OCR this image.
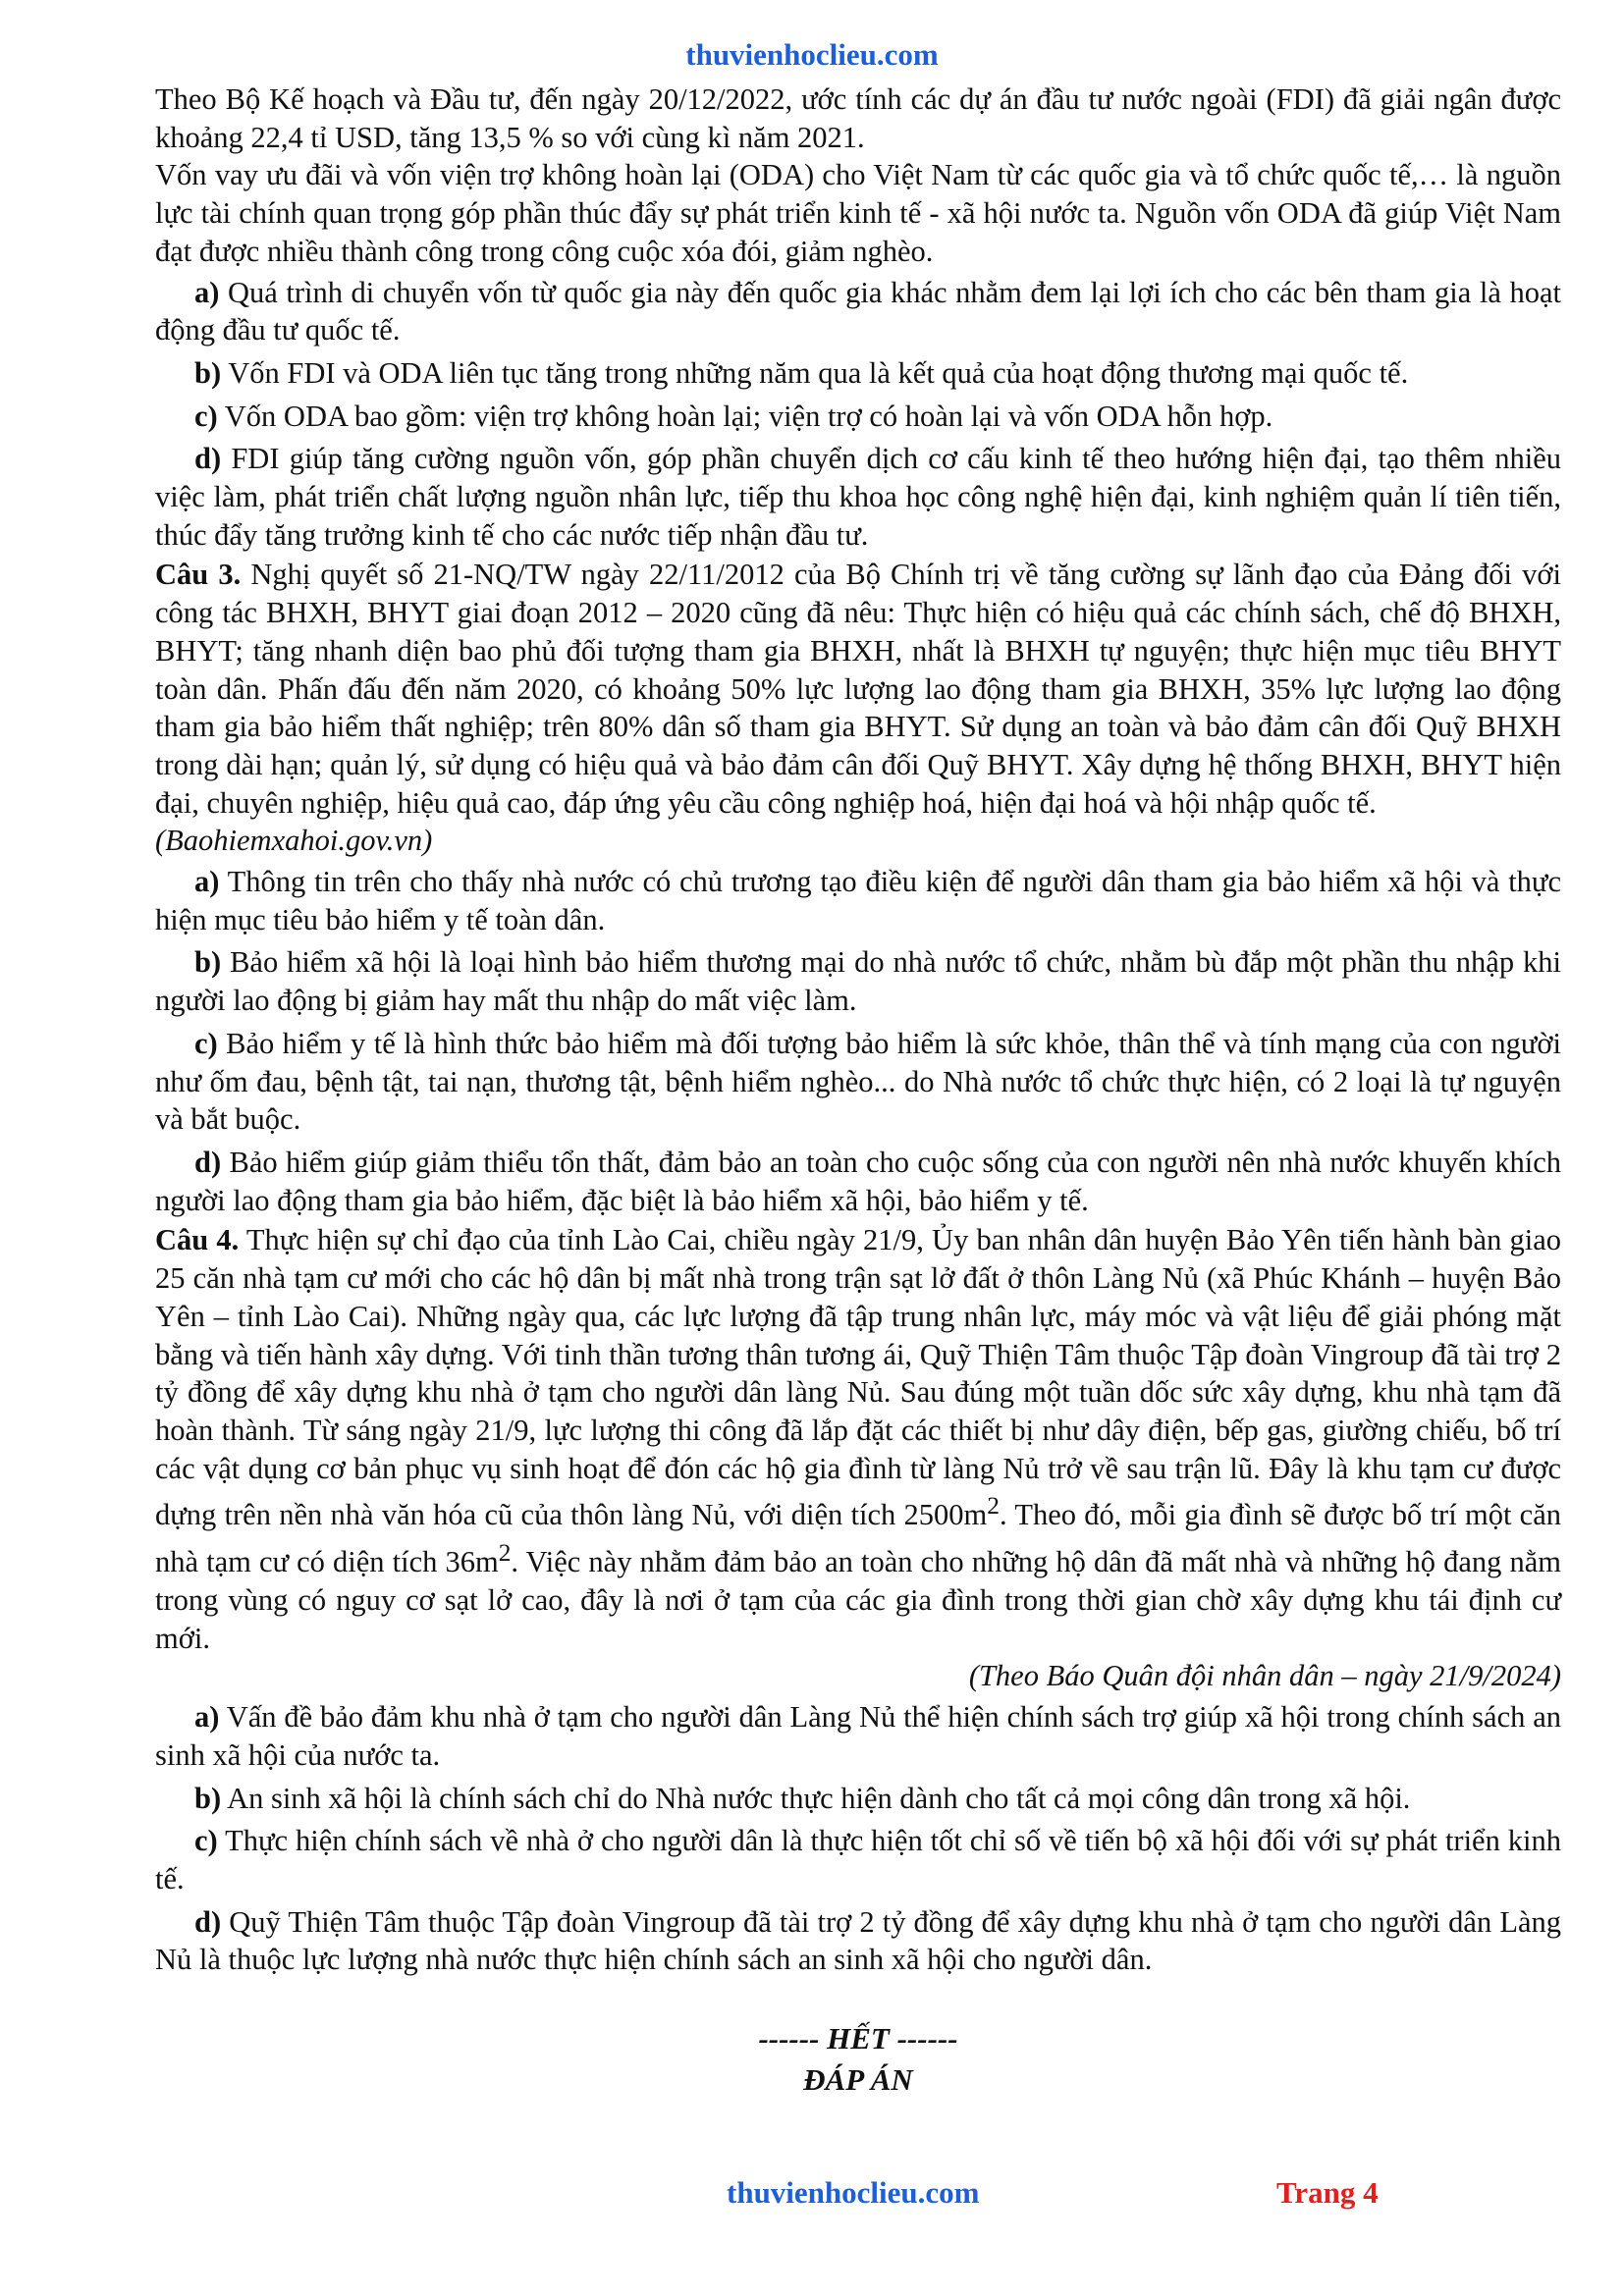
thuvienhoclieu.com

Theo Bộ Kế hoạch và Đầu tư, đến ngày 20/12/2022, ước tính các dự án đầu tư nước ngoài (FDI) đã giải ngân được khoảng 22,4 tỉ USD, tăng 13,5 % so với cùng kì năm 2021.

Vốn vay ưu đãi và vốn viện trợ không hoàn lại (ODA) cho Việt Nam từ các quốc gia và tổ chức quốc tế,… là nguồn lực tài chính quan trọng góp phần thúc đẩy sự phát triển kinh tế - xã hội nước ta. Nguồn vốn ODA đã giúp Việt Nam đạt được nhiều thành công trong công cuộc xóa đói, giảm nghèo.

a) Quá trình di chuyển vốn từ quốc gia này đến quốc gia khác nhằm đem lại lợi ích cho các bên tham gia là hoạt động đầu tư quốc tế.

b) Vốn FDI và ODA liên tục tăng trong những năm qua là kết quả của hoạt động thương mại quốc tế.

c) Vốn ODA bao gồm: viện trợ không hoàn lại; viện trợ có hoàn lại và vốn ODA hỗn hợp.

d) FDI giúp tăng cường nguồn vốn, góp phần chuyển dịch cơ cấu kinh tế theo hướng hiện đại, tạo thêm nhiều việc làm, phát triển chất lượng nguồn nhân lực, tiếp thu khoa học công nghệ hiện đại, kinh nghiệm quản lí tiên tiến, thúc đẩy tăng trưởng kinh tế cho các nước tiếp nhận đầu tư.

Câu 3. Nghị quyết số 21-NQ/TW ngày 22/11/2012 của Bộ Chính trị về tăng cường sự lãnh đạo của Đảng đối với công tác BHXH, BHYT giai đoạn 2012 – 2020 cũng đã nêu: Thực hiện có hiệu quả các chính sách, chế độ BHXH, BHYT; tăng nhanh diện bao phủ đối tượng tham gia BHXH, nhất là BHXH tự nguyện; thực hiện mục tiêu BHYT toàn dân. Phấn đấu đến năm 2020, có khoảng 50% lực lượng lao động tham gia BHXH, 35% lực lượng lao động tham gia bảo hiểm thất nghiệp; trên 80% dân số tham gia BHYT. Sử dụng an toàn và bảo đảm cân đối Quỹ BHXH trong dài hạn; quản lý, sử dụng có hiệu quả và bảo đảm cân đối Quỹ BHYT. Xây dựng hệ thống BHXH, BHYT hiện đại, chuyên nghiệp, hiệu quả cao, đáp ứng yêu cầu công nghiệp hoá, hiện đại hoá và hội nhập quốc tế.

(Baohiemxahoi.gov.vn)

a) Thông tin trên cho thấy nhà nước có chủ trương tạo điều kiện để người dân tham gia bảo hiểm xã hội và thực hiện mục tiêu bảo hiểm y tế toàn dân.

b) Bảo hiểm xã hội là loại hình bảo hiểm thương mại do nhà nước tổ chức, nhằm bù đắp một phần thu nhập khi người lao động bị giảm hay mất thu nhập do mất việc làm.

c) Bảo hiểm y tế là hình thức bảo hiểm mà đối tượng bảo hiểm là sức khỏe, thân thể và tính mạng của con người như ốm đau, bệnh tật, tai nạn, thương tật, bệnh hiểm nghèo... do Nhà nước tổ chức thực hiện, có 2 loại là tự nguyện và bắt buộc.

d) Bảo hiểm giúp giảm thiểu tổn thất, đảm bảo an toàn cho cuộc sống của con người nên nhà nước khuyến khích người lao động tham gia bảo hiểm, đặc biệt là bảo hiểm xã hội, bảo hiểm y tế.

Câu 4. Thực hiện sự chỉ đạo của tỉnh Lào Cai, chiều ngày 21/9, Ủy ban nhân dân huyện Bảo Yên tiến hành bàn giao 25 căn nhà tạm cư mới cho các hộ dân bị mất nhà trong trận sạt lở đất ở thôn Làng Nủ (xã Phúc Khánh – huyện Bảo Yên – tỉnh Lào Cai). Những ngày qua, các lực lượng đã tập trung nhân lực, máy móc và vật liệu để giải phóng mặt bằng và tiến hành xây dựng. Với tinh thần tương thân tương ái, Quỹ Thiện Tâm thuộc Tập đoàn Vingroup đã tài trợ 2 tỷ đồng để xây dựng khu nhà ở tạm cho người dân làng Nủ. Sau đúng một tuần dốc sức xây dựng, khu nhà tạm đã hoàn thành. Từ sáng ngày 21/9, lực lượng thi công đã lắp đặt các thiết bị như dây điện, bếp gas, giường chiếu, bố trí các vật dụng cơ bản phục vụ sinh hoạt để đón các hộ gia đình từ làng Nủ trở về sau trận lũ. Đây là khu tạm cư được dựng trên nền nhà văn hóa cũ của thôn làng Nủ, với diện tích $2500m^2$. Theo đó, mỗi gia đình sẽ được bố trí một căn nhà tạm cư có diện tích $36m^2$. Việc này nhằm đảm bảo an toàn cho những hộ dân đã mất nhà và những hộ đang nằm trong vùng có nguy cơ sạt lở cao, đây là nơi ở tạm của các gia đình trong thời gian chờ xây dựng khu tái định cư mới.

(Theo Báo Quân đội nhân dân – ngày 21/9/2024)

a) Vấn đề bảo đảm khu nhà ở tạm cho người dân Làng Nủ thể hiện chính sách trợ giúp xã hội trong chính sách an sinh xã hội của nước ta.

b) An sinh xã hội là chính sách chỉ do Nhà nước thực hiện dành cho tất cả mọi công dân trong xã hội.

c) Thực hiện chính sách về nhà ở cho người dân là thực hiện tốt chỉ số về tiến bộ xã hội đối với sự phát triển kinh tế.

d) Quỹ Thiện Tâm thuộc Tập đoàn Vingroup đã tài trợ 2 tỷ đồng để xây dựng khu nhà ở tạm cho người dân Làng Nủ là thuộc lực lượng nhà nước thực hiện chính sách an sinh xã hội cho người dân.

------ HẾT ------

ĐÁP ÁN

thuvienhoclieu.com	Trang 4
